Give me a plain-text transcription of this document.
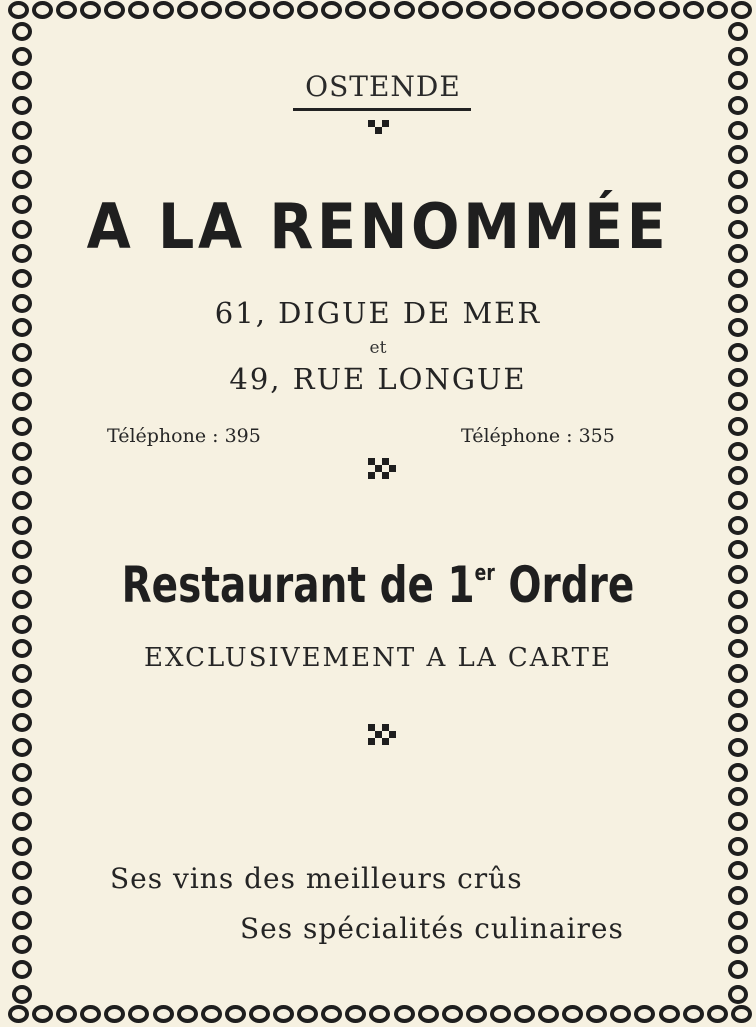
OSTENDE
A LA RENOMMÉE
61, DIGUE DE MER
et
49, RUE LONGUE
Téléphone : 395	Téléphone : 355
Restaurant de 1er Ordre
EXCLUSIVEMENT A LA CARTE
Ses vins des meilleurs crûs
Ses spécialités culinaires
